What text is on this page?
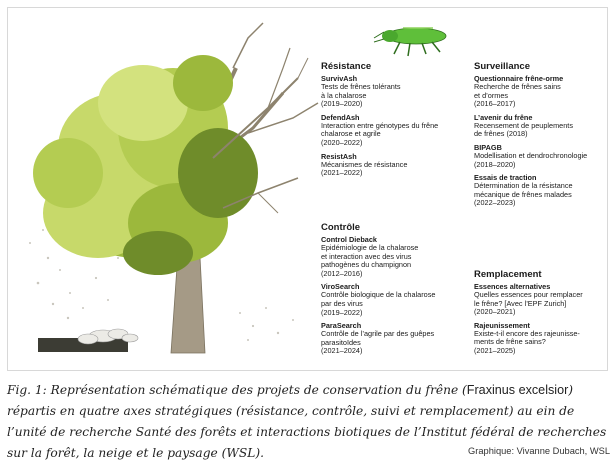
Résistance
SurvivAsh
Tests de frênes tolérants
à la chalarose
(2019–2020)
DefendAsh
Interaction entre génotypes du frêne
chalarose et agrile
(2020–2022)
ResistAsh
Mécanismes de résistance
(2021–2022)
Surveillance
Questionnaire frêne-orme
Recherche de frênes sains
et d’ormes
(2016–2017)
L’avenir du frêne
Recensement de peuplements
de frênes (2018)
BIPAGB
Modellisation et dendrochronologie
(2018–2020)
Essais de traction
Détermination de la résistance
mécanique de frênes malades
(2022–2023)
Contrôle
Control Dieback
Epidémiologie de la chalarose
et interaction avec des virus
pathogènes du champignon
(2012–2016)
ViroSearch
Contrôle biologique de la chalarose
par des virus
(2019–2022)
ParaSearch
Contrôle de l’agrile par des guêpes
parasitoïdes
(2021–2024)
Remplacement
Essences alternatives
Quelles essences pour remplacer
le frêne? [Avec l’EPF Zurich]
(2020–2021)
Rajeunissement
Existe-t-il encore des rajeunisse-
ments de frêne sains?
(2021–2025)
Fig. 1: Représentation schématique des projets de conservation du frêne (Fraxinus excelsior) répartis en quatre axes stratégiques (résistance, contrôle, suivi et remplacement) au ein de l’unité de recherche Santé des forêts et interactions biotiques de l’Institut fédéral de recherches sur la forêt, la neige et le paysage (WSL).	Graphique: Vivanne Dubach, WSL
